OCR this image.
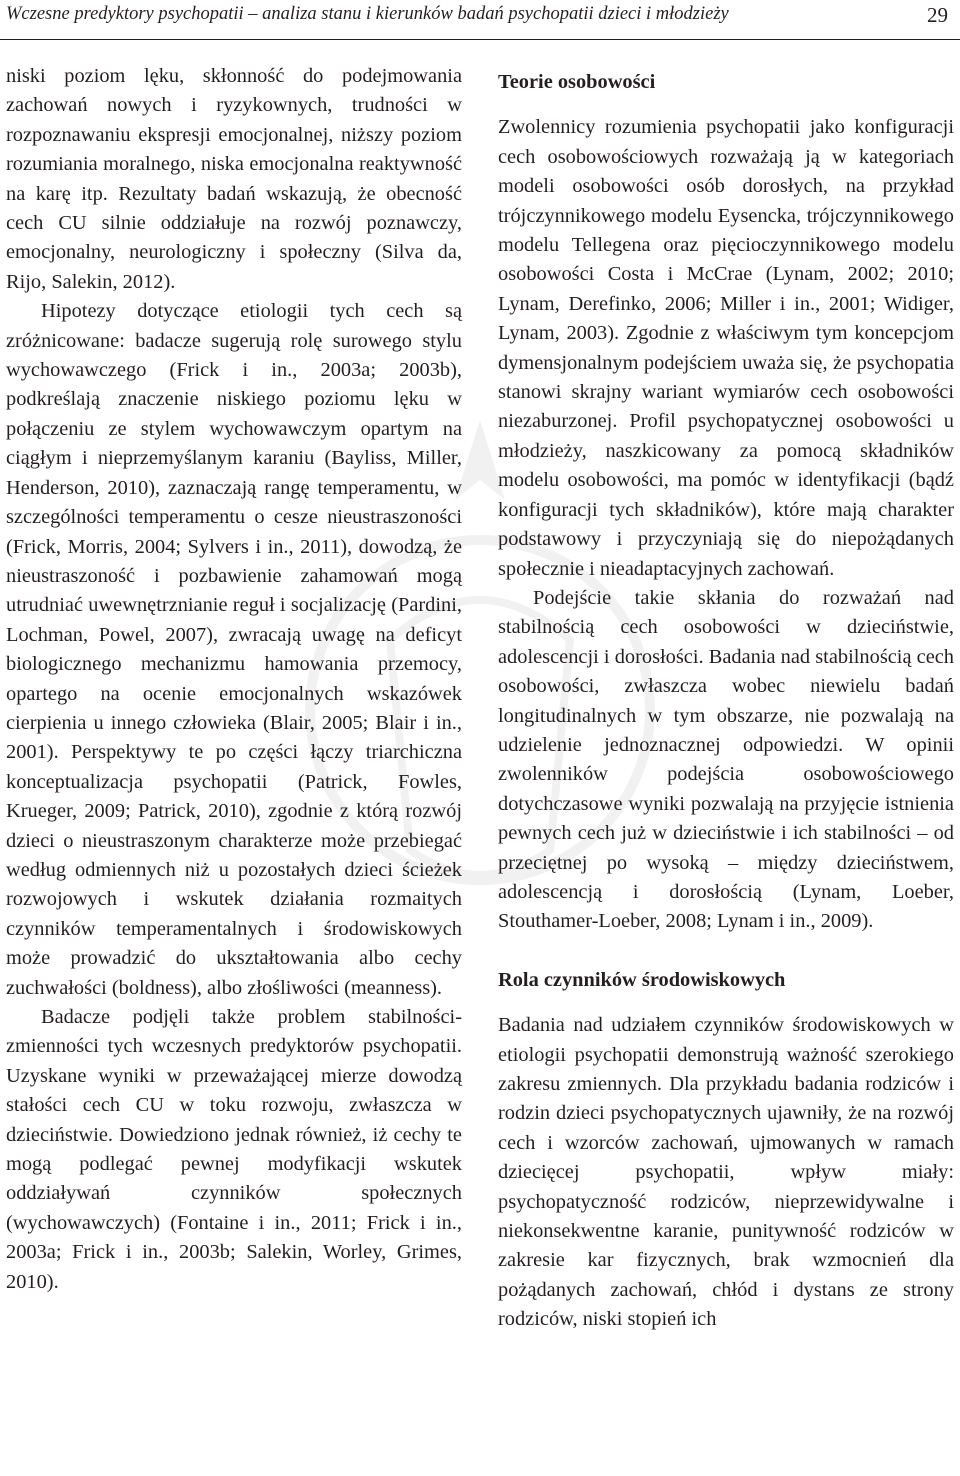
Wczesne predyktory psychopatii – analiza stanu i kierunków badań psychopatii dzieci i młodzieży	29

niski poziom lęku, skłonność do podejmowania zachowań nowych i ryzykownych, trudności w rozpoznawaniu ekspresji emocjonalnej, niższy poziom rozumiania moralnego, niska emocjonalna reaktywność na karę itp. Rezultaty badań wskazują, że obecność cech CU silnie oddziałuje na rozwój poznawczy, emocjonalny, neurologiczny i społeczny (Silva da, Rijo, Salekin, 2012).

Hipotezy dotyczące etiologii tych cech są zróżnicowane: badacze sugerują rolę surowego stylu wychowawczego (Frick i in., 2003a; 2003b), podkreślają znaczenie niskiego poziomu lęku w połączeniu ze stylem wychowawczym opartym na ciągłym i nieprzemyślanym karaniu (Bayliss, Miller, Henderson, 2010), zaznaczają rangę temperamentu, w szczególności temperamentu o cesze nieustraszoności (Frick, Morris, 2004; Sylvers i in., 2011), dowodzą, że nieustraszoność i pozbawienie zahamowań mogą utrudniać uwewnętrznianie reguł i socjalizację (Pardini, Lochman, Powel, 2007), zwracają uwagę na deficyt biologicznego mechanizmu hamowania przemocy, opartego na ocenie emocjonalnych wskazówek cierpienia u innego człowieka (Blair, 2005; Blair i in., 2001). Perspektywy te po części łączy triarchiczna konceptualizacja psychopatii (Patrick, Fowles, Krueger, 2009; Patrick, 2010), zgodnie z którą rozwój dzieci o nieustraszonym charakterze może przebiegać według odmiennych niż u pozostałych dzieci ścieżek rozwojowych i wskutek działania rozmaitych czynników temperamentalnych i środowiskowych może prowadzić do ukształtowania albo cechy zuchwałości (boldness), albo złośliwości (meanness).

Badacze podjęli także problem stabilności-zmienności tych wczesnych predyktorów psychopatii. Uzyskane wyniki w przeważającej mierze dowodzą stałości cech CU w toku rozwoju, zwłaszcza w dzieciństwie. Dowiedziono jednak również, iż cechy te mogą podlegać pewnej modyfikacji wskutek oddziaływań czynników społecznych (wychowawczych) (Fontaine i in., 2011; Frick i in., 2003a; Frick i in., 2003b; Salekin, Worley, Grimes, 2010).

Teorie osobowości

Zwolennicy rozumienia psychopatii jako konfiguracji cech osobowościowych rozważają ją w kategoriach modeli osobowości osób dorosłych, na przykład trójczynnikowego modelu Eysencka, trójczynnikowego modelu Tellegena oraz pięcioczynnikowego modelu osobowości Costa i McCrae (Lynam, 2002; 2010; Lynam, Derefinko, 2006; Miller i in., 2001; Widiger, Lynam, 2003). Zgodnie z właściwym tym koncepcjom dymensjonalnym podejściem uważa się, że psychopatia stanowi skrajny wariant wymiarów cech osobowości niezaburzonej. Profil psychopatycznej osobowości u młodzieży, naszkicowany za pomocą składników modelu osobowości, ma pomóc w identyfikacji (bądź konfiguracji tych składników), które mają charakter podstawowy i przyczyniają się do niepożądanych społecznie i nieadaptacyjnych zachowań.

Podejście takie skłania do rozważań nad stabilnością cech osobowości w dzieciństwie, adolescencji i dorosłości. Badania nad stabilnością cech osobowości, zwłaszcza wobec niewielu badań longitudinalnych w tym obszarze, nie pozwalają na udzielenie jednoznacznej odpowiedzi. W opinii zwolenników podejścia osobowościowego dotychczasowe wyniki pozwalają na przyjęcie istnienia pewnych cech już w dzieciństwie i ich stabilności – od przeciętnej po wysoką – między dzieciństwem, adolescencją i dorosłością (Lynam, Loeber, Stouthamer-Loeber, 2008; Lynam i in., 2009).

Rola czynników środowiskowych

Badania nad udziałem czynników środowiskowych w etiologii psychopatii demonstrują ważność szerokiego zakresu zmiennych. Dla przykładu badania rodziców i rodzin dzieci psychopatycznych ujawniły, że na rozwój cech i wzorców zachowań, ujmowanych w ramach dziecięcej psychopatii, wpływ miały: psychopatyczność rodziców, nieprzewidywalne i niekonsekwentne karanie, punitywność rodziców w zakresie kar fizycznych, brak wzmocnień dla pożądanych zachowań, chłód i dystans ze strony rodziców, niski stopień ich
